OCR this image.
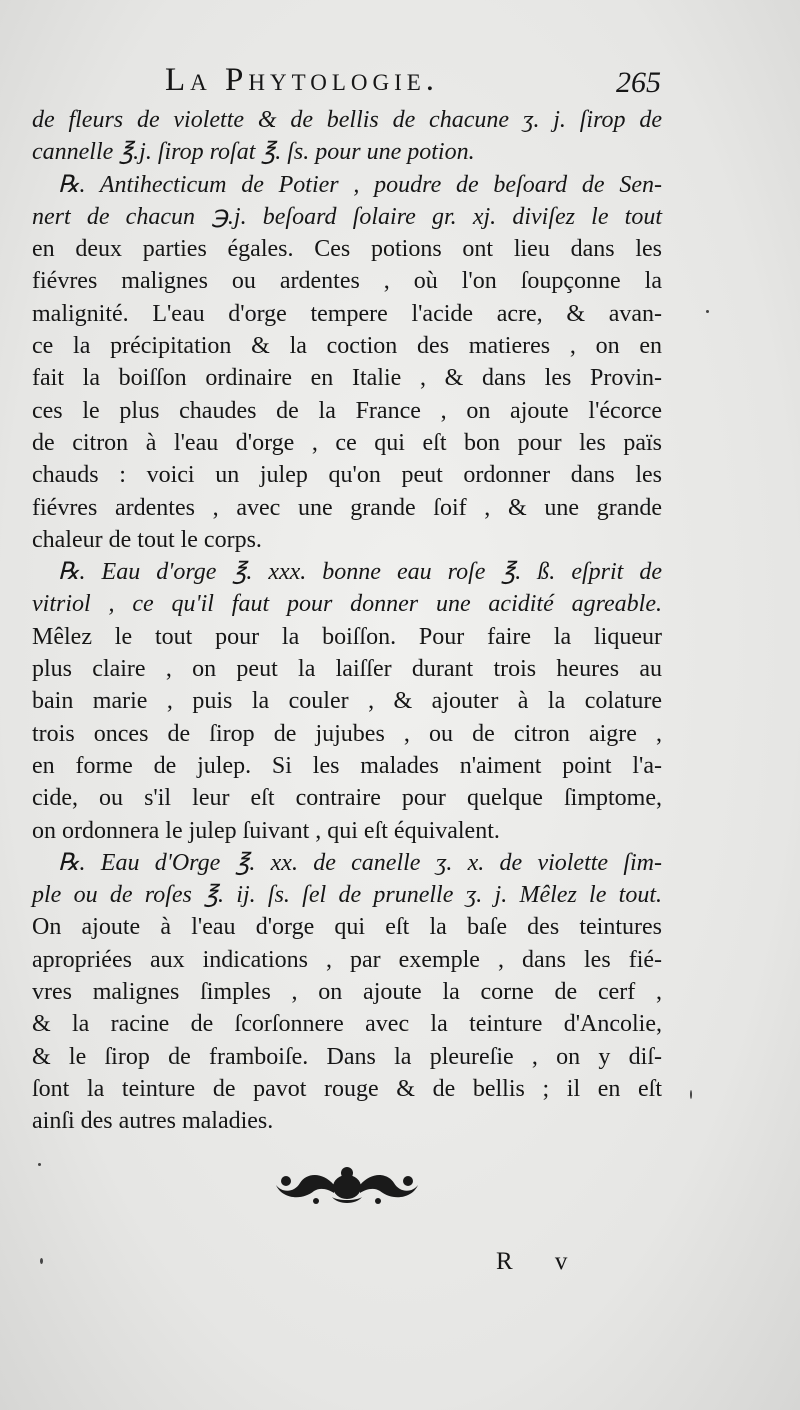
La Phytologie.	265
de fleurs de violette & de bellis de chacune ʒ. j. ſirop de
cannelle ℥.j. ſirop roſat ℥. ſs. pour une potion.
℞. Antihecticum de Potier , poudre de beſoard de Sen-
nert de chacun ℈.j. beſoard ſolaire gr. xj. diviſez le tout
en deux parties égales. Ces potions ont lieu dans les
fiévres malignes ou ardentes , où l'on ſoupçonne la
malignité. L'eau d'orge tempere l'acide acre, & avan-
ce la précipitation & la coction des matieres , on en
fait la boiſſon ordinaire en Italie , & dans les Provin-
ces le plus chaudes de la France , on ajoute l'écorce
de citron à l'eau d'orge , ce qui eſt bon pour les païs
chauds : voici un julep qu'on peut ordonner dans les
fiévres ardentes , avec une grande ſoif , & une grande
chaleur de tout le corps.
℞. Eau d'orge ℥. xxx. bonne eau roſe ℥. ß. eſprit de
vitriol , ce qu'il faut pour donner une acidité agreable.
Mêlez le tout pour la boiſſon. Pour faire la liqueur
plus claire , on peut la laiſſer durant trois heures au
bain marie , puis la couler , & ajouter à la colature
trois onces de ſirop de jujubes , ou de citron aigre ,
en forme de julep. Si les malades n'aiment point l'a-
cide, ou s'il leur eſt contraire pour quelque ſimptome,
on ordonnera le julep ſuivant , qui eſt équivalent.
℞. Eau d'Orge ℥. xx. de canelle ʒ. x. de violette ſim-
ple ou de roſes ℥. ij. ſs. ſel de prunelle ʒ. j. Mêlez le tout.
On ajoute à l'eau d'orge qui eſt la baſe des teintures
apropriées aux indications , par exemple , dans les fié-
vres malignes ſimples , on ajoute la corne de cerf ,
& la racine de ſcorſonnere avec la teinture d'Ancolie,
& le ſirop de framboiſe. Dans la pleureſie , on y diſ-
ſont la teinture de pavot rouge & de bellis ; il en eſt
ainſi des autres maladies.
R v
